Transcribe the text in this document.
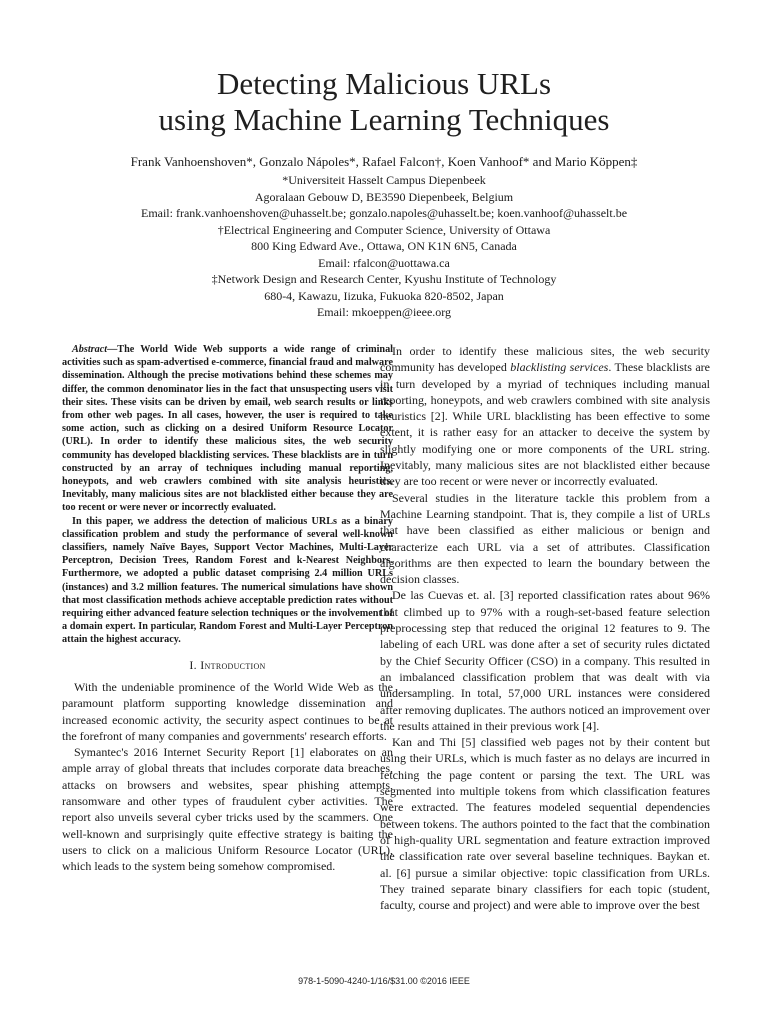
Detecting Malicious URLs
using Machine Learning Techniques
Frank Vanhoenshoven*, Gonzalo Nápoles*, Rafael Falcon†, Koen Vanhoof* and Mario Köppen‡
*Universiteit Hasselt Campus Diepenbeek
Agoralaan Gebouw D, BE3590 Diepenbeek, Belgium
Email: frank.vanhoenshoven@uhasselt.be; gonzalo.napoles@uhasselt.be; koen.vanhoof@uhasselt.be
†Electrical Engineering and Computer Science, University of Ottawa
800 King Edward Ave., Ottawa, ON K1N 6N5, Canada
Email: rfalcon@uottawa.ca
‡Network Design and Research Center, Kyushu Institute of Technology
680-4, Kawazu, Iizuka, Fukuoka 820-8502, Japan
Email: mkoeppen@ieee.org

Abstract—The World Wide Web supports a wide range of criminal activities such as spam-advertised e-commerce, financial fraud and malware dissemination. Although the precise motivations behind these schemes may differ, the common denominator lies in the fact that unsuspecting users visit their sites. These visits can be driven by email, web search results or links from other web pages. In all cases, however, the user is required to take some action, such as clicking on a desired Uniform Resource Locator (URL). In order to identify these malicious sites, the web security community has developed blacklisting services. These blacklists are in turn constructed by an array of techniques including manual reporting, honeypots, and web crawlers combined with site analysis heuristics. Inevitably, many malicious sites are not blacklisted either because they are too recent or were never or incorrectly evaluated.

In this paper, we address the detection of malicious URLs as a binary classification problem and study the performance of several well-known classifiers, namely Naïve Bayes, Support Vector Machines, Multi-Layer Perceptron, Decision Trees, Random Forest and k-Nearest Neighbors. Furthermore, we adopted a public dataset comprising 2.4 million URLs (instances) and 3.2 million features. The numerical simulations have shown that most classification methods achieve acceptable prediction rates without requiring either advanced feature selection techniques or the involvement of a domain expert. In particular, Random Forest and Multi-Layer Perceptron attain the highest accuracy.

I. Introduction

With the undeniable prominence of the World Wide Web as the paramount platform supporting knowledge dissemination and increased economic activity, the security aspect continues to be at the forefront of many companies and governments' research efforts.

Symantec's 2016 Internet Security Report [1] elaborates on an ample array of global threats that includes corporate data breaches, attacks on browsers and websites, spear phishing attempts, ransomware and other types of fraudulent cyber activities. The report also unveils several cyber tricks used by the scammers. One well-known and surprisingly quite effective strategy is baiting the users to click on a malicious Uniform Resource Locator (URL), which leads to the system being somehow compromised.

In order to identify these malicious sites, the web security community has developed blacklisting services. These blacklists are in turn developed by a myriad of techniques including manual reporting, honeypots, and web crawlers combined with site analysis heuristics [2]. While URL blacklisting has been effective to some extent, it is rather easy for an attacker to deceive the system by slightly modifying one or more components of the URL string. Inevitably, many malicious sites are not blacklisted either because they are too recent or were never or incorrectly evaluated.

Several studies in the literature tackle this problem from a Machine Learning standpoint. That is, they compile a list of URLs that have been classified as either malicious or benign and characterize each URL via a set of attributes. Classification algorithms are then expected to learn the boundary between the decision classes.

De las Cuevas et. al. [3] reported classification rates about 96% that climbed up to 97% with a rough-set-based feature selection preprocessing step that reduced the original 12 features to 9. The labeling of each URL was done after a set of security rules dictated by the Chief Security Officer (CSO) in a company. This resulted in an imbalanced classification problem that was dealt with via undersampling. In total, 57,000 URL instances were considered after removing duplicates. The authors noticed an improvement over the results attained in their previous work [4].

Kan and Thi [5] classified web pages not by their content but using their URLs, which is much faster as no delays are incurred in fetching the page content or parsing the text. The URL was segmented into multiple tokens from which classification features were extracted. The features modeled sequential dependencies between tokens. The authors pointed to the fact that the combination of high-quality URL segmentation and feature extraction improved the classification rate over several baseline techniques. Baykan et. al. [6] pursue a similar objective: topic classification from URLs. They trained separate binary classifiers for each topic (student, faculty, course and project) and were able to improve over the best

978-1-5090-4240-1/16/$31.00 ©2016 IEEE
